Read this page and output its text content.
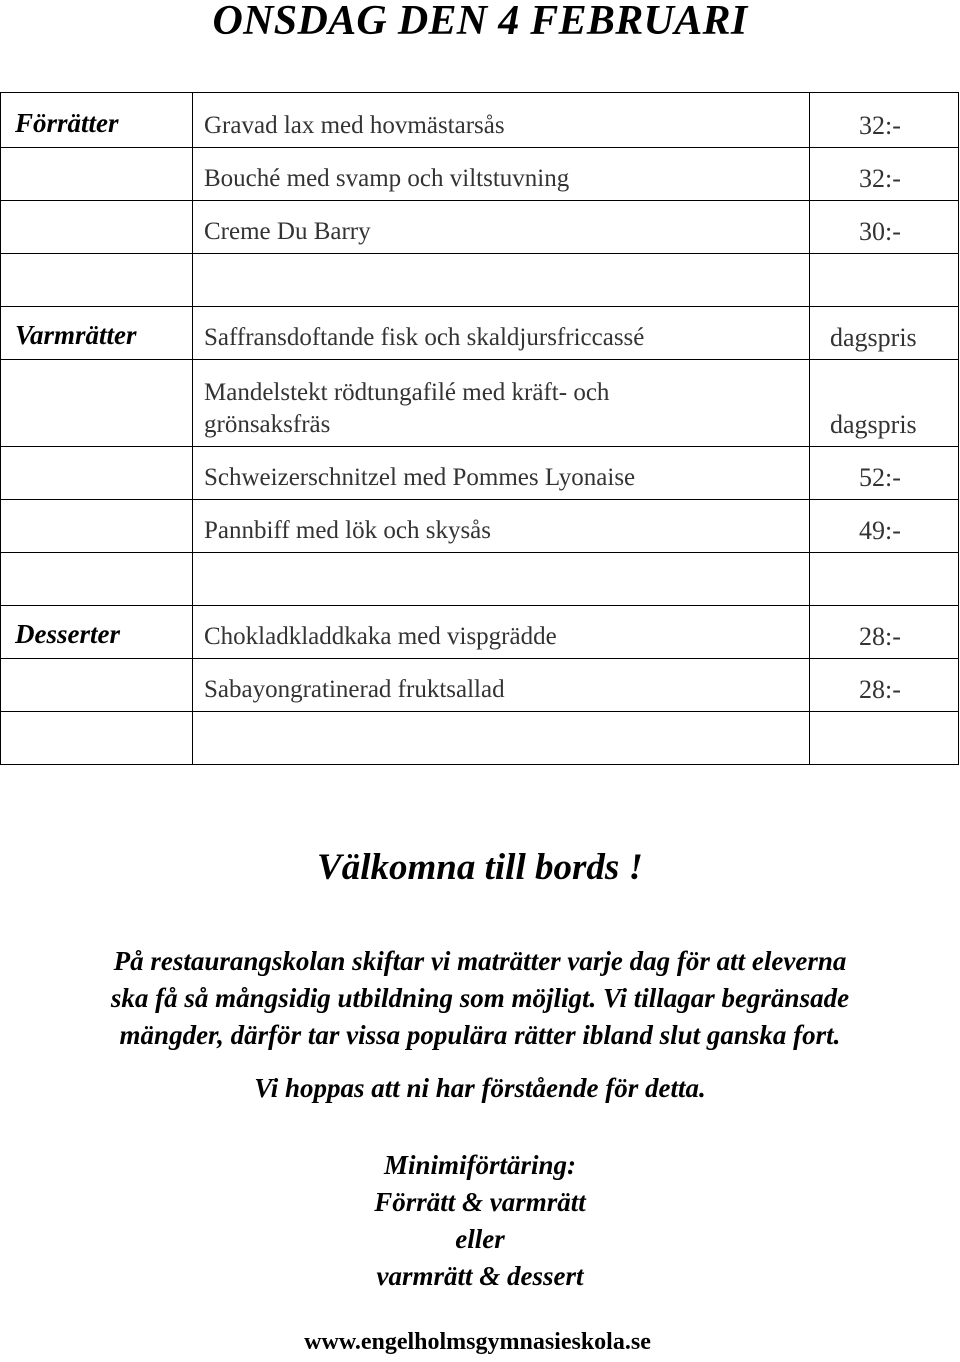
ONSDAG DEN 4 FEBRUARI
Förrätter	Gravad lax med hovmästarsås	32:-
	Bouché med svamp och viltstuvning	32:-
	Creme Du Barry	30:-

Varmrätter	Saffransdoftande fisk och skaldjursfriccassé	dagspris

	Mandelstekt rödtungafilé med kräft- och
grönsaksfräs	dagspris
	Schweizerschnitzel med Pommes Lyonaise	52:-
	Pannbiff med lök och skysås	49:-

Desserter	Chokladkladdkaka med vispgrädde	28:-
	Sabayongratinerad fruktsallad	28:-

Välkomna till bords !
På restaurangskolan skiftar vi maträtter varje dag för att eleverna
ska få så mångsidig utbildning som möjligt. Vi tillagar begränsade
mängder, därför tar vissa populära rätter ibland slut ganska fort.
Vi hoppas att ni har förstående för detta.
Minimiförtäring:
Förrätt & varmrätt
eller
varmrätt & dessert
www.engelholmsgymnasieskola.se
